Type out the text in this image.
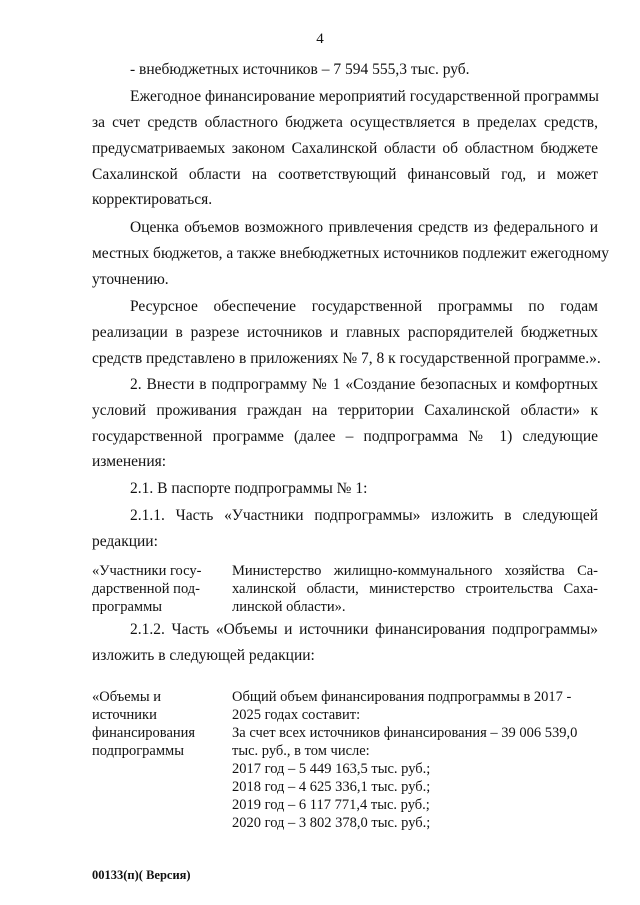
4
- внебюджетных источников – 7 594 555,3 тыс. руб.
Ежегодное финансирование мероприятий государственной программы
за счет средств областного бюджета осуществляется в пределах средств,
предусматриваемых законом Сахалинской области об областном бюджете
Сахалинской области на соответствующий финансовый год, и может
корректироваться.
Оценка объемов возможного привлечения средств из федерального и
местных бюджетов, а также внебюджетных источников подлежит ежегодному
уточнению.
Ресурсное обеспечение государственной программы по годам
реализации в разрезе источников и главных распорядителей бюджетных
средств представлено в приложениях № 7, 8 к государственной программе.».
2. Внести в подпрограмму № 1 «Создание безопасных и комфортных
условий проживания граждан на территории Сахалинской области» к
государственной программе (далее – подпрограмма № 1) следующие
изменения:
2.1. В паспорте подпрограммы № 1:
2.1.1. Часть «Участники подпрограммы» изложить в следующей
редакции:
«Участники госу-
дарственной под-
программы
Министерство жилищно-коммунального хозяйства Са-
халинской области, министерство строительства Саха-
линской области».
2.1.2. Часть «Объемы и источники финансирования подпрограммы»
изложить в следующей редакции:
«Объемы и
источники
финансирования
подпрограммы
Общий объем финансирования подпрограммы в 2017 -
2025 годах составит:
За счет всех источников финансирования – 39 006 539,0
тыс. руб., в том числе:
2017 год – 5 449 163,5 тыс. руб.;
2018 год – 4 625 336,1 тыс. руб.;
2019 год – 6 117 771,4 тыс. руб.;
2020 год – 3 802 378,0 тыс. руб.;
00133(п)( Версия)
